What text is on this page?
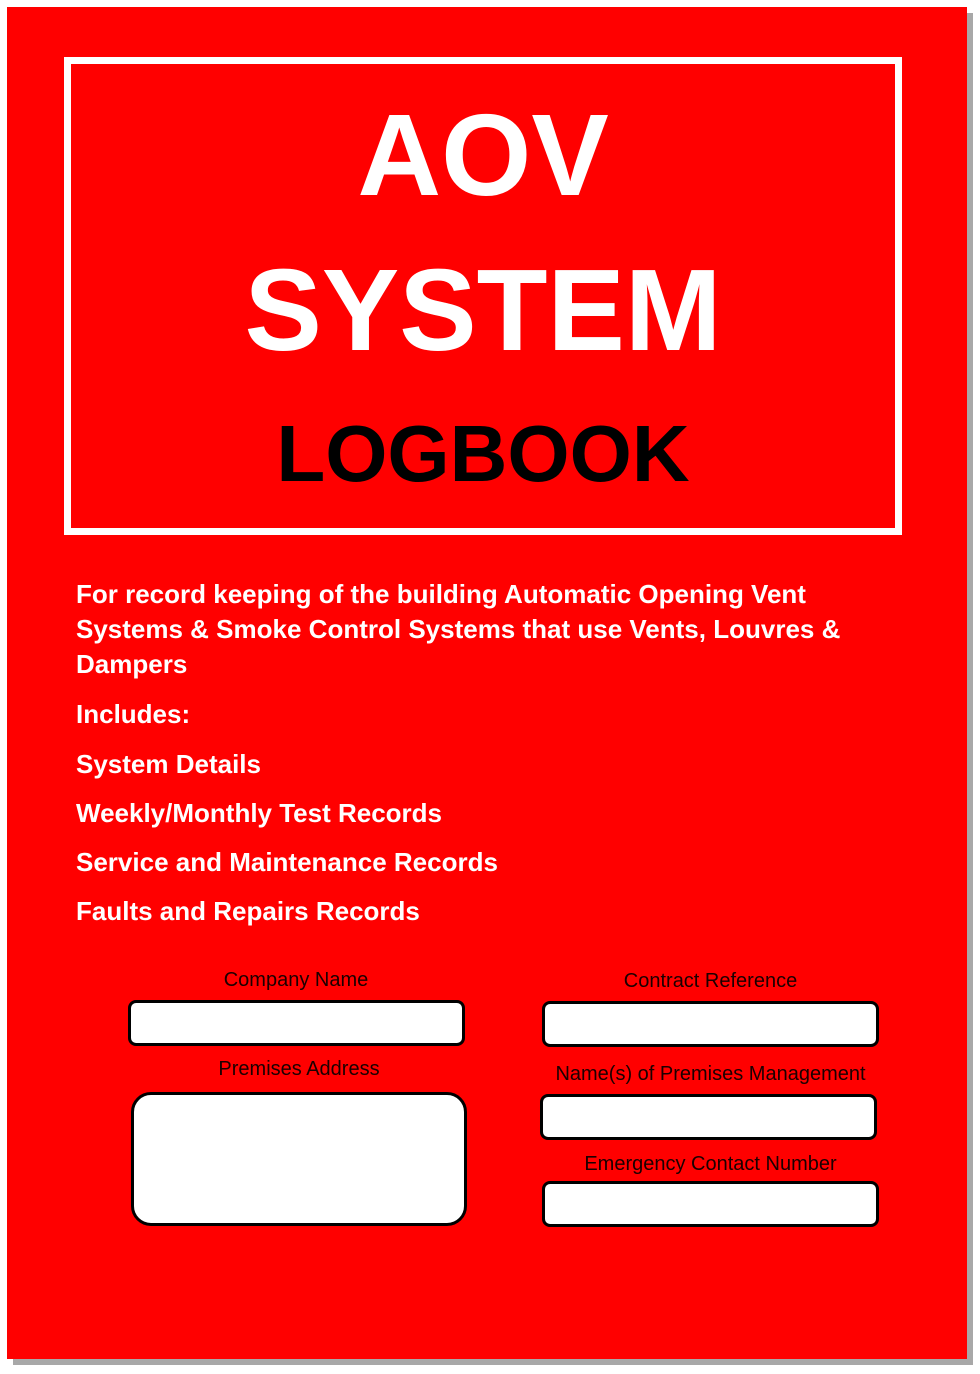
AOV

SYSTEM

LOGBOOK

For record keeping of the building Automatic Opening Vent Systems & Smoke Control Systems that use Vents, Louvres & Dampers

Includes:

System Details

Weekly/Monthly Test Records

Service and Maintenance Records

Faults and Repairs Records

Company Name

Premises Address

Contract Reference

Name(s) of Premises Management

Emergency Contact Number
